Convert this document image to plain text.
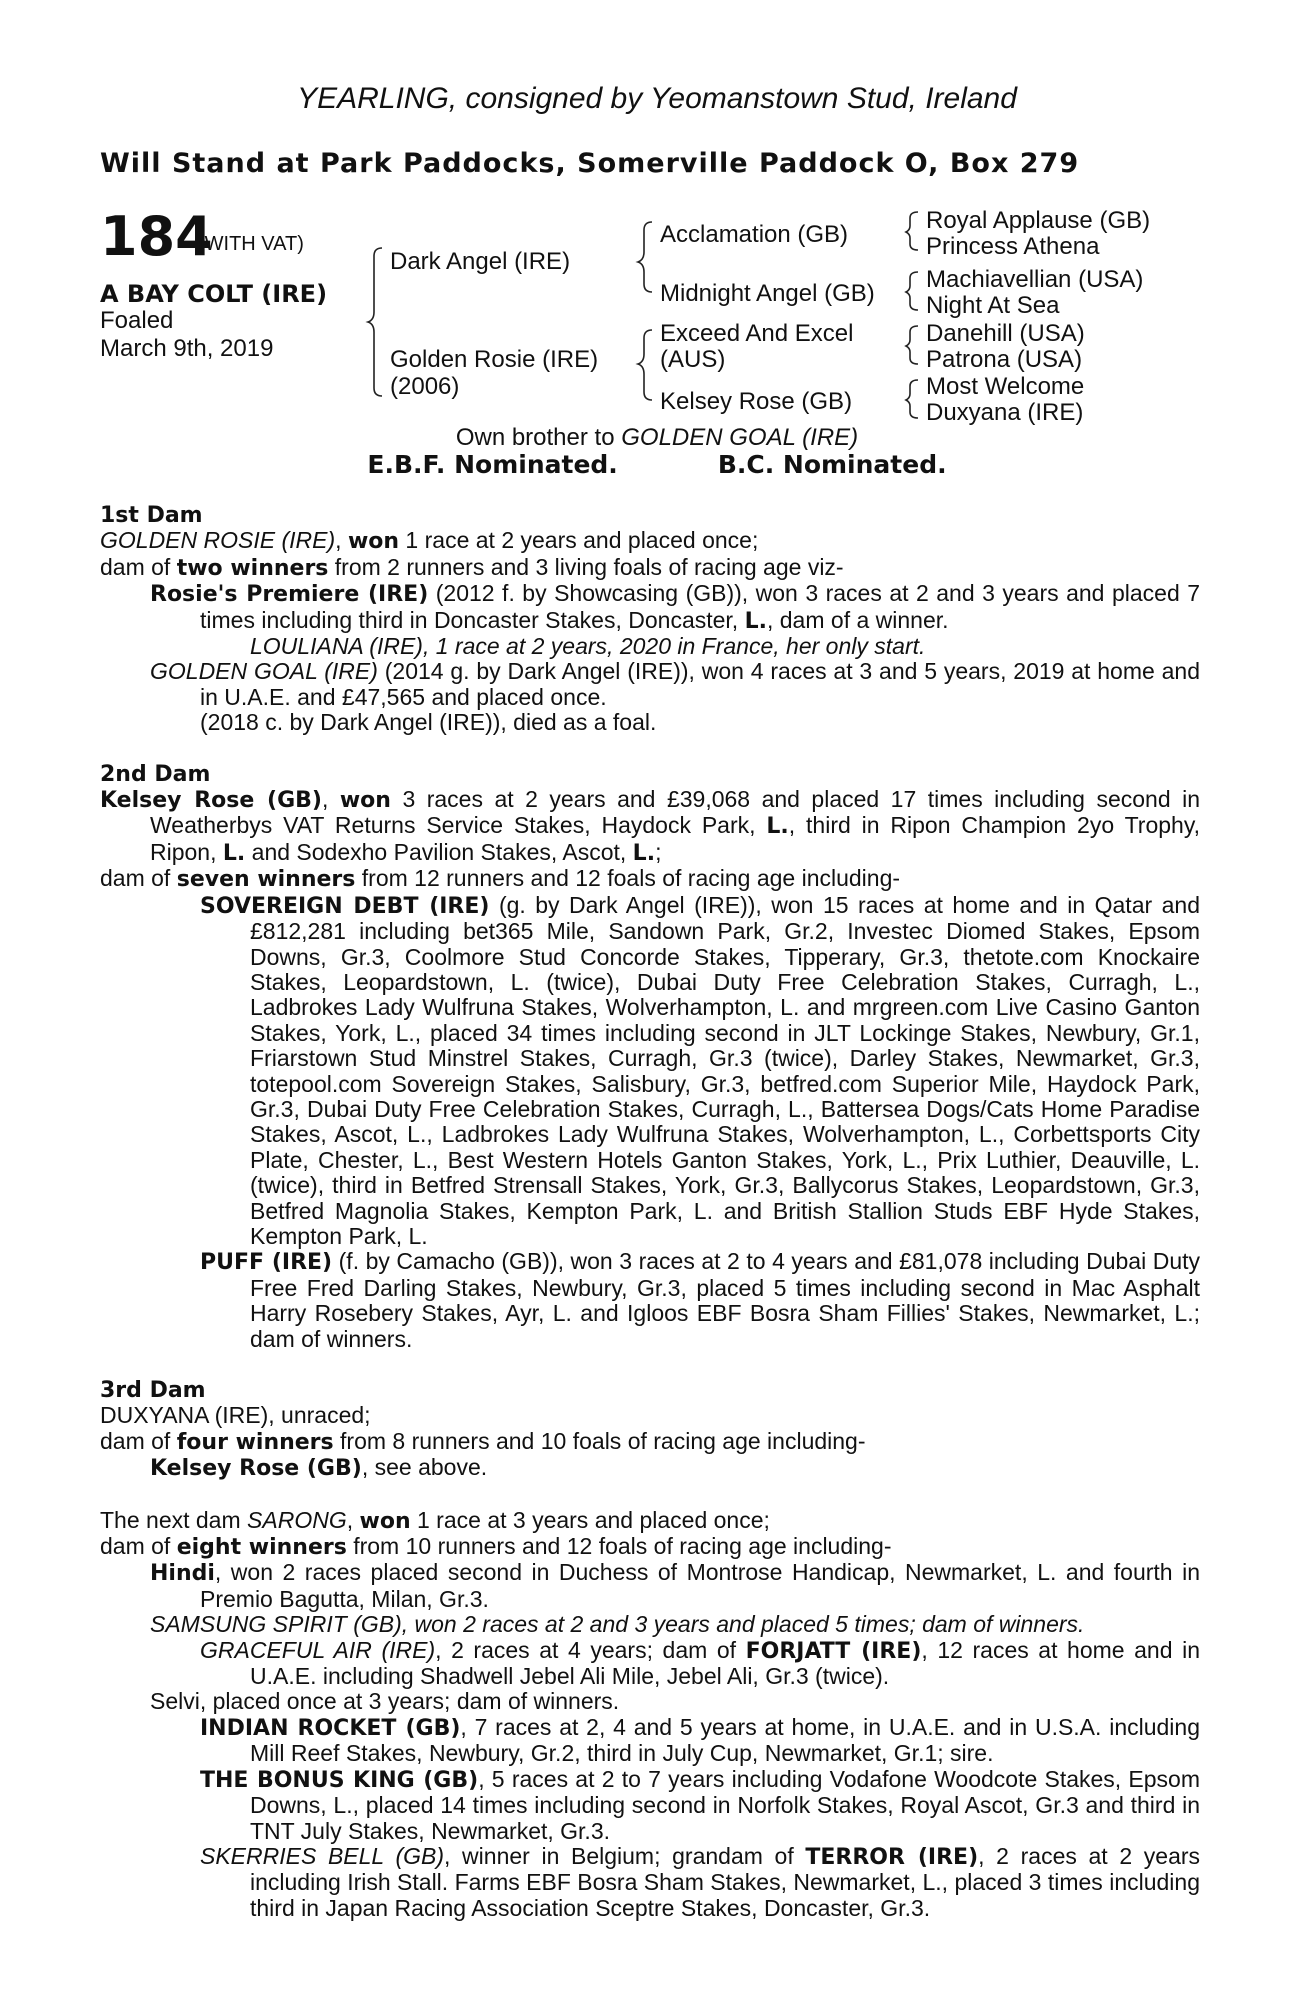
YEARLING, consigned by Yeomanstown Stud, Ireland
Will Stand at Park Paddocks, Somerville Paddock O, Box 279
184
(WITH VAT)
A BAY COLT (IRE)
Foaled
March 9th, 2019
Dark Angel (IRE)
Golden Rosie (IRE)
(2006)
Acclamation (GB)
Midnight Angel (GB)
Exceed And Excel
(AUS)
Kelsey Rose (GB)
Royal Applause (GB)
Princess Athena
Machiavellian (USA)
Night At Sea
Danehill (USA)
Patrona (USA)
Most Welcome
Duxyana (IRE)
Own brother to GOLDEN GOAL (IRE)
E.B.F. Nominated.	B.C. Nominated.
1st Dam

GOLDEN ROSIE (IRE), won 1 race at 2 years and placed once;

dam of two winners from 2 runners and 3 living foals of racing age viz-

Rosie's Premiere (IRE) (2012 f. by Showcasing (GB)), won 3 races at 2 and 3 years and placed 7 times including third in Doncaster Stakes, Doncaster, L., dam of a winner.

LOULIANA (IRE), 1 race at 2 years, 2020 in France, her only start.

GOLDEN GOAL (IRE) (2014 g. by Dark Angel (IRE)), won 4 races at 3 and 5 years, 2019 at home and in U.A.E. and £47,565 and placed once.

(2018 c. by Dark Angel (IRE)), died as a foal.

2nd Dam

Kelsey Rose (GB), won 3 races at 2 years and £39,068 and placed 17 times including second in Weatherbys VAT Returns Service Stakes, Haydock Park, L., third in Ripon Champion 2yo Trophy, Ripon, L. and Sodexho Pavilion Stakes, Ascot, L.;

dam of seven winners from 12 runners and 12 foals of racing age including-

SOVEREIGN DEBT (IRE) (g. by Dark Angel (IRE)), won 15 races at home and in Qatar and £812,281 including bet365 Mile, Sandown Park, Gr.2, Investec Diomed Stakes, Epsom Downs, Gr.3, Coolmore Stud Concorde Stakes, Tipperary, Gr.3, thetote.com Knockaire Stakes, Leopardstown, L. (twice), Dubai Duty Free Celebration Stakes, Curragh, L., Ladbrokes Lady Wulfruna Stakes, Wolverhampton, L. and mrgreen.com Live Casino Ganton Stakes, York, L., placed 34 times including second in JLT Lockinge Stakes, Newbury, Gr.1, Friarstown Stud Minstrel Stakes, Curragh, Gr.3 (twice), Darley Stakes, Newmarket, Gr.3, totepool.com Sovereign Stakes, Salisbury, Gr.3, betfred.com Superior Mile, Haydock Park, Gr.3, Dubai Duty Free Celebration Stakes, Curragh, L., Battersea Dogs/Cats Home Paradise Stakes, Ascot, L., Ladbrokes Lady Wulfruna Stakes, Wolverhampton, L., Corbettsports City Plate, Chester, L., Best Western Hotels Ganton Stakes, York, L., Prix Luthier, Deauville, L. (twice), third in Betfred Strensall Stakes, York, Gr.3, Ballycorus Stakes, Leopardstown, Gr.3, Betfred Magnolia Stakes, Kempton Park, L. and British Stallion Studs EBF Hyde Stakes, Kempton Park, L.

PUFF (IRE) (f. by Camacho (GB)), won 3 races at 2 to 4 years and £81,078 including Dubai Duty Free Fred Darling Stakes, Newbury, Gr.3, placed 5 times including second in Mac Asphalt Harry Rosebery Stakes, Ayr, L. and Igloos EBF Bosra Sham Fillies' Stakes, Newmarket, L.; dam of winners.

3rd Dam

DUXYANA (IRE), unraced;

dam of four winners from 8 runners and 10 foals of racing age including-

Kelsey Rose (GB), see above.

The next dam SARONG, won 1 race at 3 years and placed once;

dam of eight winners from 10 runners and 12 foals of racing age including-

Hindi, won 2 races placed second in Duchess of Montrose Handicap, Newmarket, L. and fourth in Premio Bagutta, Milan, Gr.3.

SAMSUNG SPIRIT (GB), won 2 races at 2 and 3 years and placed 5 times; dam of winners.

GRACEFUL AIR (IRE), 2 races at 4 years; dam of FORJATT (IRE), 12 races at home and in U.A.E. including Shadwell Jebel Ali Mile, Jebel Ali, Gr.3 (twice).

Selvi, placed once at 3 years; dam of winners.

INDIAN ROCKET (GB), 7 races at 2, 4 and 5 years at home, in U.A.E. and in U.S.A. including Mill Reef Stakes, Newbury, Gr.2, third in July Cup, Newmarket, Gr.1; sire.

THE BONUS KING (GB), 5 races at 2 to 7 years including Vodafone Woodcote Stakes, Epsom Downs, L., placed 14 times including second in Norfolk Stakes, Royal Ascot, Gr.3 and third in TNT July Stakes, Newmarket, Gr.3.

SKERRIES BELL (GB), winner in Belgium; grandam of TERROR (IRE), 2 races at 2 years including Irish Stall. Farms EBF Bosra Sham Stakes, Newmarket, L., placed 3 times including third in Japan Racing Association Sceptre Stakes, Doncaster, Gr.3.
